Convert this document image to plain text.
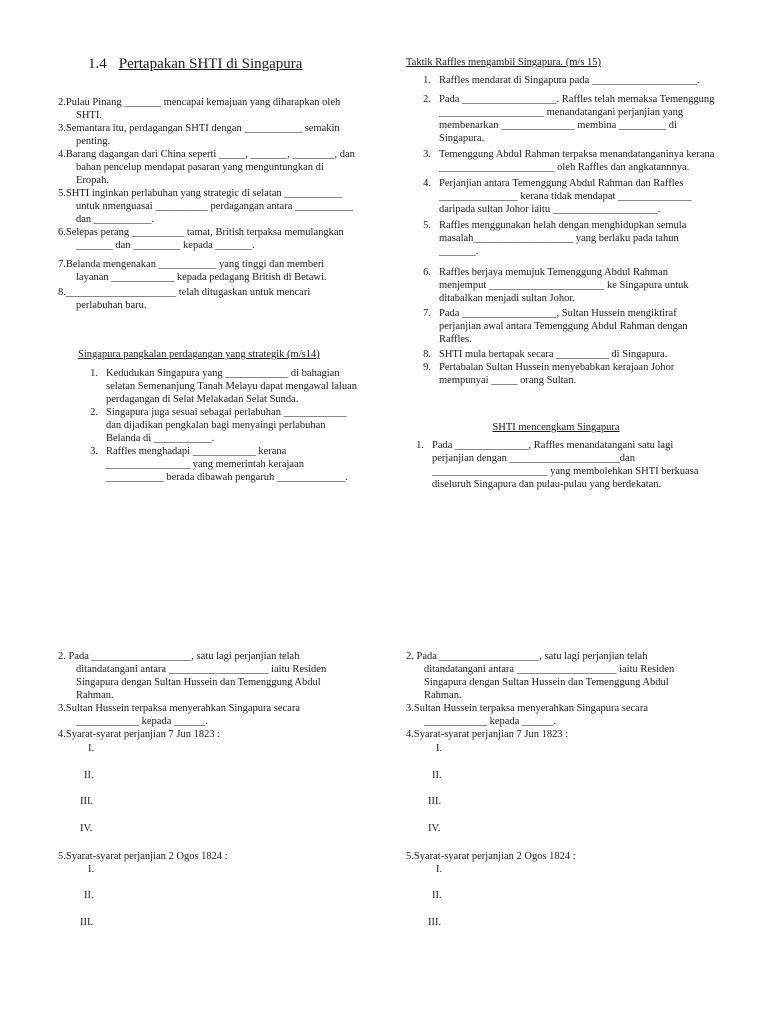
1.4 Pertapakan SHTI di Singapura
2.Pulau Pinang _______ mencapai kemajuan yang diharapkan oleh SHTI.
3.Semantara itu, perdagangan SHTI dengan ___________ semakin penting.
4.Barang dagangan dari China seperti _____, _______, ________, dan bahan pencelup mendapat pasaran yang menguntungkan di Eropah.
5.SHTI inginkan perlabuhan yang strategic di selatan ___________ untuk nmenguasai __________ perdagangan antara ___________ dan ___________.
6.Selepas perang __________ tamat, British terpaksa memulangkan _______ dan _________ kepada _______.
7.Belanda mengenakan ___________ yang tinggi dan memberi layanan ____________ kepada pedagang British di Betawi.
8._____________________ telah ditugaskan untuk mencari perlabuhan baru.
Singapura pangkalan perdagangan yang strategik (m/s14)
1. Kedudukan Singapura yang ____________ di bahagian selatan Semenanjung Tanah Melayu dapat mengawal laluan perdagangan di Selat Melakadan Selat Sunda.
2. Singapura juga sesuai sebagai perlabuhan ____________ dan dijadikan pengkalan bagi menyaingi perlabuhan Belanda di ___________.
3. Raffles menghadapi ____________ kerana ________________ yang memerintah kerajaan ___________ berada dibawah pengaruh _____________.
Taktik Raffles mengambil Singapura. (m/s 15)
1. Raffles mendarat di Singapura pada ____________________.
2. Pada __________________. Raffles telah memaksa Temenggung ____________________ menandatangani perjanjian yang membenarkan ______________ membina _________ di Singapura.
3. Temenggung Abdul Rahman terpaksa menandatanganinya kerana ______________________ oleh Raffles dan angkatannnya.
4. Perjanjian antara Temenggung Abdul Rahman dan Raffles _______________ kerana tidak mendapat ______________ daripada sultan Johor iaitu ____________________.
5. Raffles menggunakan helah dengan menghidupkan semula masalah___________________ yang berlaku pada tahun _______.
6. Raffles berjaya memujuk Temenggung Abdul Rahman menjemput ______________________ ke Singapura untuk ditabalkan menjadi sultan Johor.
7. Pada __________________, Sultan Hussein mengiktiraf perjanjian awal antara Temenggung Abdul Rahman dengan Raffles.
8. SHTI mula bertapak secara __________ di Singapura.
9. Pertabalan Sultan Hussein menyebabkan kerajaan Johor mempunyai _____ orang Sultan.
SHTI mencengkam Singapura
1. Pada ______________, Raffles menandatangani satu lagi perjanjian dengan _____________________dan ______________________ yang membolehkan SHTI berkuasa diseluruh Singapura dan pulau-pulau yang berdekatan.
2. Pada ___________________, satu lagi perjanjian telah ditandatangani antara ___________________ iaitu Residen Singapura dengan Sultan Hussein dan Temenggung Abdul Rahman.
3.Sultan Hussein terpaksa menyerahkan Singapura secara ____________ kepada ______.
4.Syarat-syarat perjanjian 7 Jun 1823 :
I.
II.
III.
IV.
5.Syarat-syarat perjanjian 2 Ogos 1824 :
I.
II.
III.
2. Pada ___________________, satu lagi perjanjian telah ditandatangani antara ___________________ iaitu Residen Singapura dengan Sultan Hussein dan Temenggung Abdul Rahman.
3.Sultan Hussein terpaksa menyerahkan Singapura secara ____________ kepada ______.
4.Syarat-syarat perjanjian 7 Jun 1823 :
I.
II.
III.
IV.
5.Syarat-syarat perjanjian 2 Ogos 1824 :
I.
II.
III.
